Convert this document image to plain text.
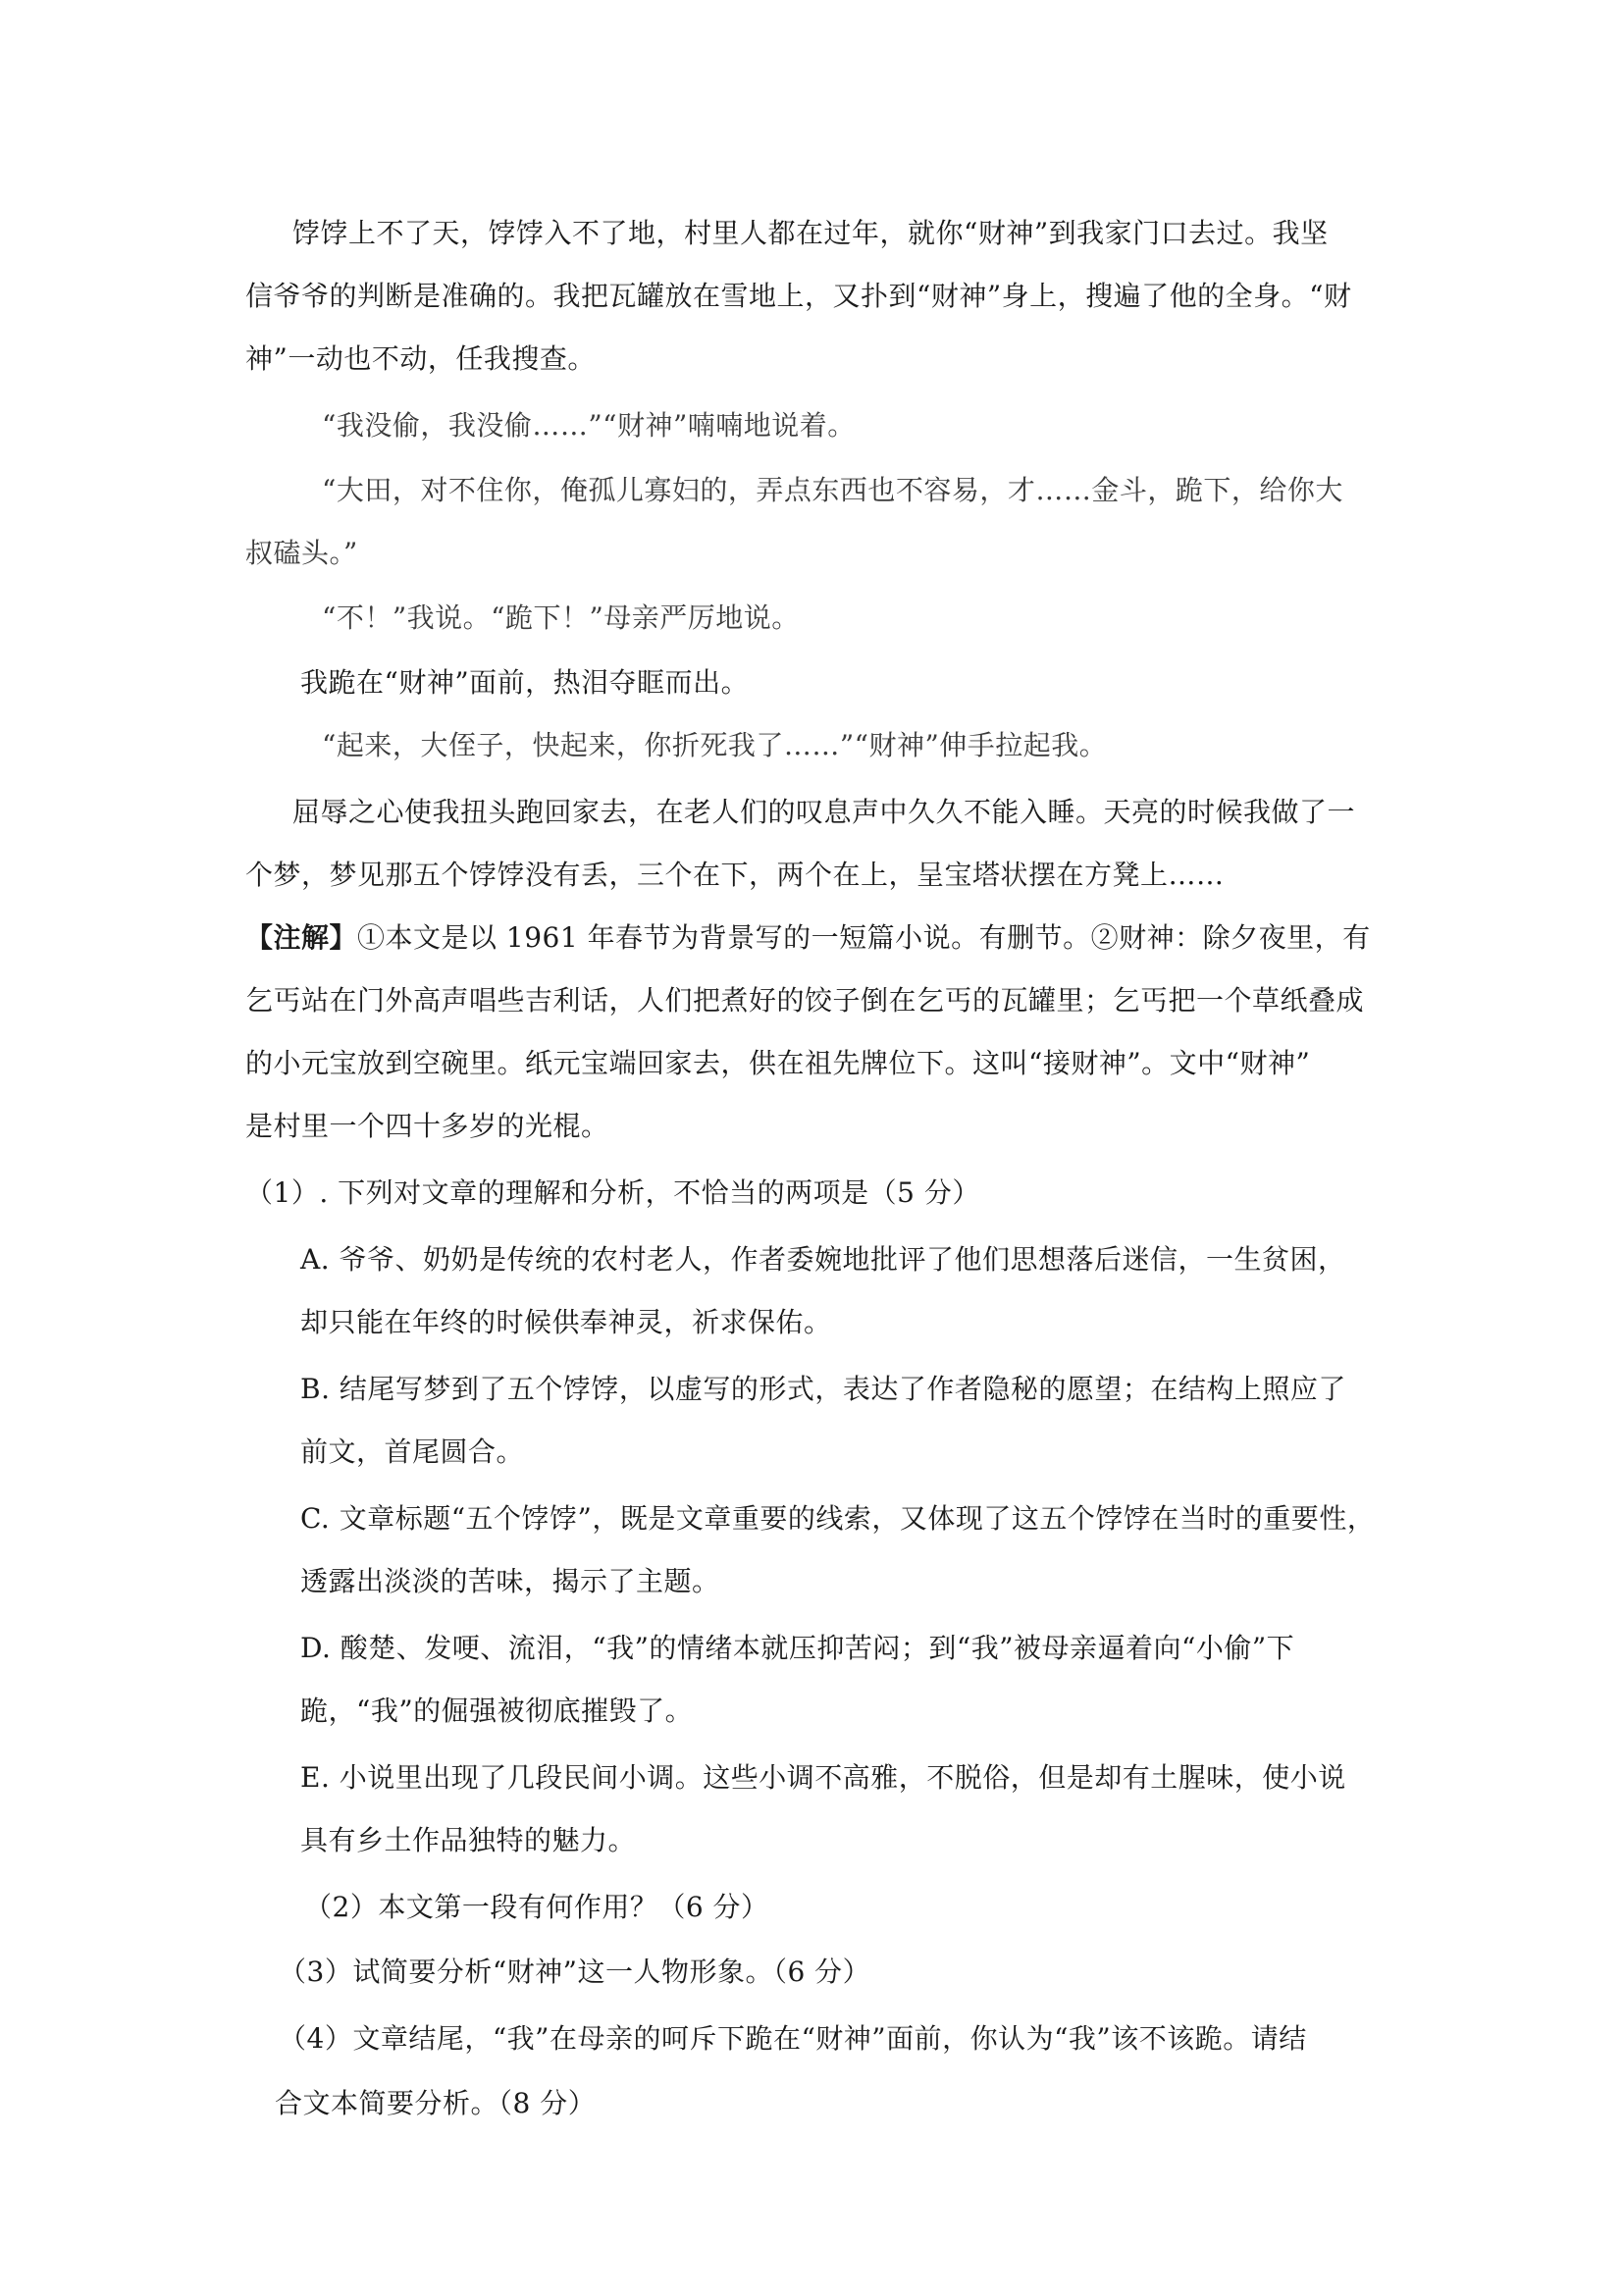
饽饽上不了天，饽饽入不了地，村里人都在过年，就你“财神”到我家门口去过。我坚
信爷爷的判断是准确的。我把瓦罐放在雪地上，又扑到“财神”身上，搜遍了他的全身。“财
神”一动也不动，任我搜查。
“我没偷，我没偷……”“财神”喃喃地说着。
“大田，对不住你，俺孤儿寡妇的，弄点东西也不容易，才……金斗，跪下，给你大
叔磕头。”
“不！”我说。“跪下！”母亲严厉地说。
我跪在“财神”面前，热泪夺眶而出。
“起来，大侄子，快起来，你折死我了……”“财神”伸手拉起我。
屈辱之心使我扭头跑回家去，在老人们的叹息声中久久不能入睡。天亮的时候我做了一
个梦，梦见那五个饽饽没有丢，三个在下，两个在上，呈宝塔状摆在方凳上……
【注解】①本文是以 1961 年春节为背景写的一短篇小说。有删节。②财神：除夕夜里，有
乞丐站在门外高声唱些吉利话，人们把煮好的饺子倒在乞丐的瓦罐里；乞丐把一个草纸叠成
的小元宝放到空碗里。纸元宝端回家去，供在祖先牌位下。这叫“接财神”。文中“财神”
是村里一个四十多岁的光棍。
（1）. 下列对文章的理解和分析，不恰当的两项是（5 分）
A. 爷爷、奶奶是传统的农村老人，作者委婉地批评了他们思想落后迷信，一生贫困，
却只能在年终的时候供奉神灵，祈求保佑。
B. 结尾写梦到了五个饽饽，以虚写的形式，表达了作者隐秘的愿望；在结构上照应了
前文，首尾圆合。
C. 文章标题“五个饽饽”，既是文章重要的线索，又体现了这五个饽饽在当时的重要性，
透露出淡淡的苦味，揭示了主题。
D. 酸楚、发哽、流泪，“我”的情绪本就压抑苦闷；到“我”被母亲逼着向“小偷”下
跪，“我”的倔强被彻底摧毁了。
E. 小说里出现了几段民间小调。这些小调不高雅，不脱俗，但是却有土腥味，使小说
具有乡土作品独特的魅力。
（2）本文第一段有何作用？（6 分）
（3）试简要分析“财神”这一人物形象。（6 分）
（4）文章结尾，“我”在母亲的呵斥下跪在“财神”面前，你认为“我”该不该跪。请结
合文本简要分析。（8 分）
